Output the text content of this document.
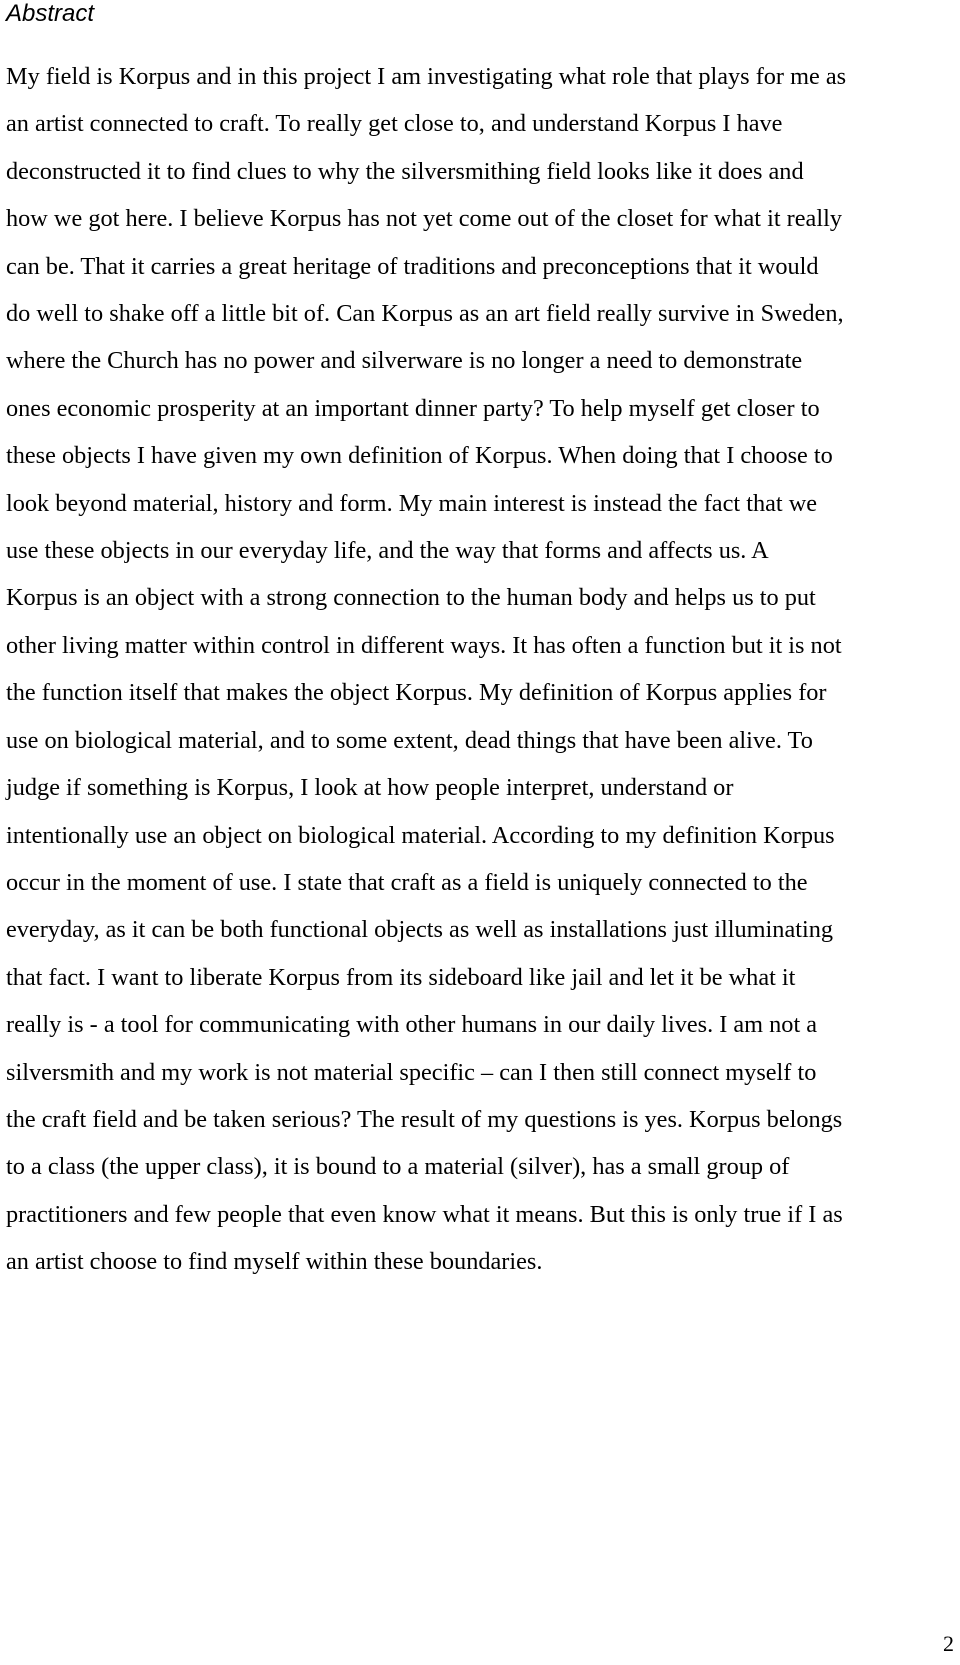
Abstract
My field is Korpus and in this project I am investigating what role that plays for me as
an artist connected to craft. To really get close to, and understand Korpus I have
deconstructed it to find clues to why the silversmithing field looks like it does and
how we got here. I believe Korpus has not yet come out of the closet for what it really
can be. That it carries a great heritage of traditions and preconceptions that it would
do well to shake off a little bit of. Can Korpus as an art field really survive in Sweden,
where the Church has no power and silverware is no longer a need to demonstrate
ones economic prosperity at an important dinner party? To help myself get closer to
these objects I have given my own definition of Korpus. When doing that I choose to
look beyond material, history and form. My main interest is instead the fact that we
use these objects in our everyday life, and the way that forms and affects us. A
Korpus is an object with a strong connection to the human body and helps us to put
other living matter within control in different ways. It has often a function but it is not
the function itself that makes the object Korpus. My definition of Korpus applies for
use on biological material, and to some extent, dead things that have been alive. To
judge if something is Korpus, I look at how people interpret, understand or
intentionally use an object on biological material. According to my definition Korpus
occur in the moment of use. I state that craft as a field is uniquely connected to the
everyday, as it can be both functional objects as well as installations just illuminating
that fact. I want to liberate Korpus from its sideboard like jail and let it be what it
really is - a tool for communicating with other humans in our daily lives. I am not a
silversmith and my work is not material specific – can I then still connect myself to
the craft field and be taken serious? The result of my questions is yes. Korpus belongs
to a class (the upper class), it is bound to a material (silver), has a small group of
practitioners and few people that even know what it means. But this is only true if I as
an artist choose to find myself within these boundaries.
2
